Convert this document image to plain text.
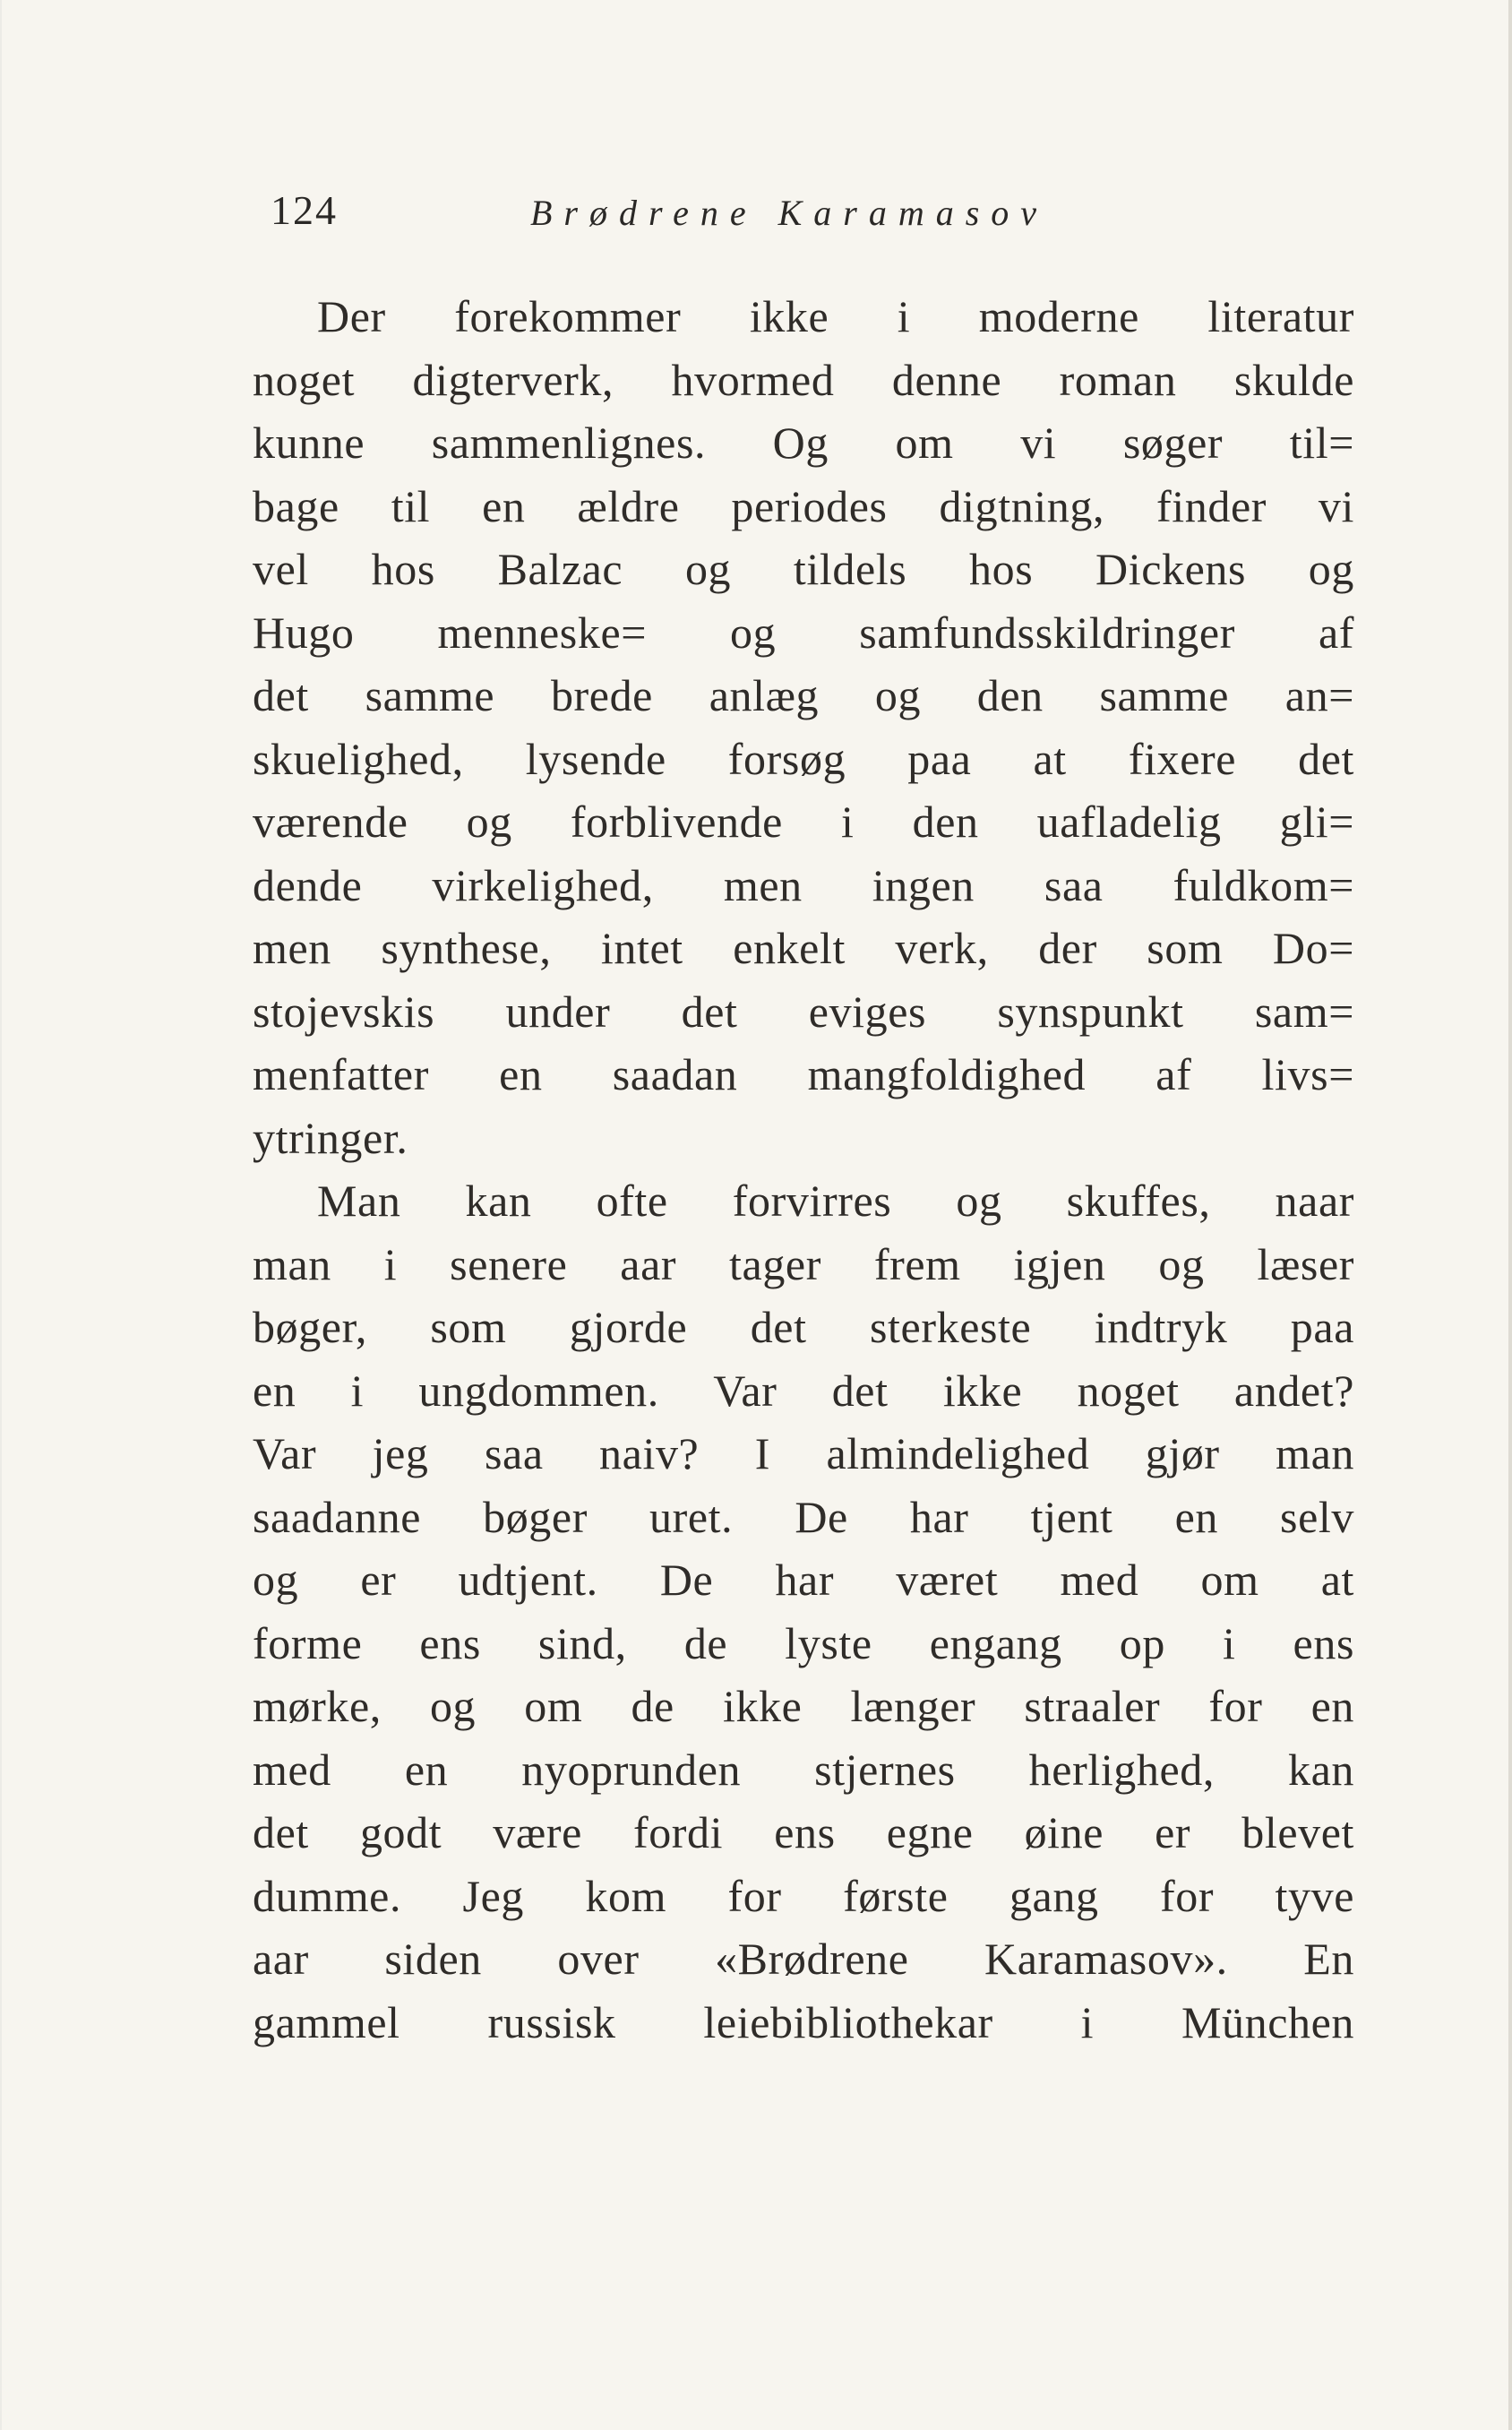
124	Brødrene Karamasov
Der forekommer ikke i moderne literatur
noget digterverk, hvormed denne roman skulde
kunne sammenlignes. Og om vi søger til=
bage til en ældre periodes digtning, finder vi
vel hos Balzac og tildels hos Dickens og
Hugo menneske= og samfundsskildringer af
det samme brede anlæg og den samme an=
skuelighed, lysende forsøg paa at fixere det
værende og forblivende i den uafladelig gli=
dende virkelighed, men ingen saa fuldkom=
men synthese, intet enkelt verk, der som Do=
stojevskis under det eviges synspunkt sam=
menfatter en saadan mangfoldighed af livs=
ytringer.
Man kan ofte forvirres og skuffes, naar
man i senere aar tager frem igjen og læser
bøger, som gjorde det sterkeste indtryk paa
en i ungdommen. Var det ikke noget andet?
Var jeg saa naiv? I almindelighed gjør man
saadanne bøger uret. De har tjent en selv
og er udtjent. De har været med om at
forme ens sind, de lyste engang op i ens
mørke, og om de ikke længer straaler for en
med en nyoprunden stjernes herlighed, kan
det godt være fordi ens egne øine er blevet
dumme. Jeg kom for første gang for tyve
aar siden over «Brødrene Karamasov». En
gammel russisk leiebibliothekar i München
